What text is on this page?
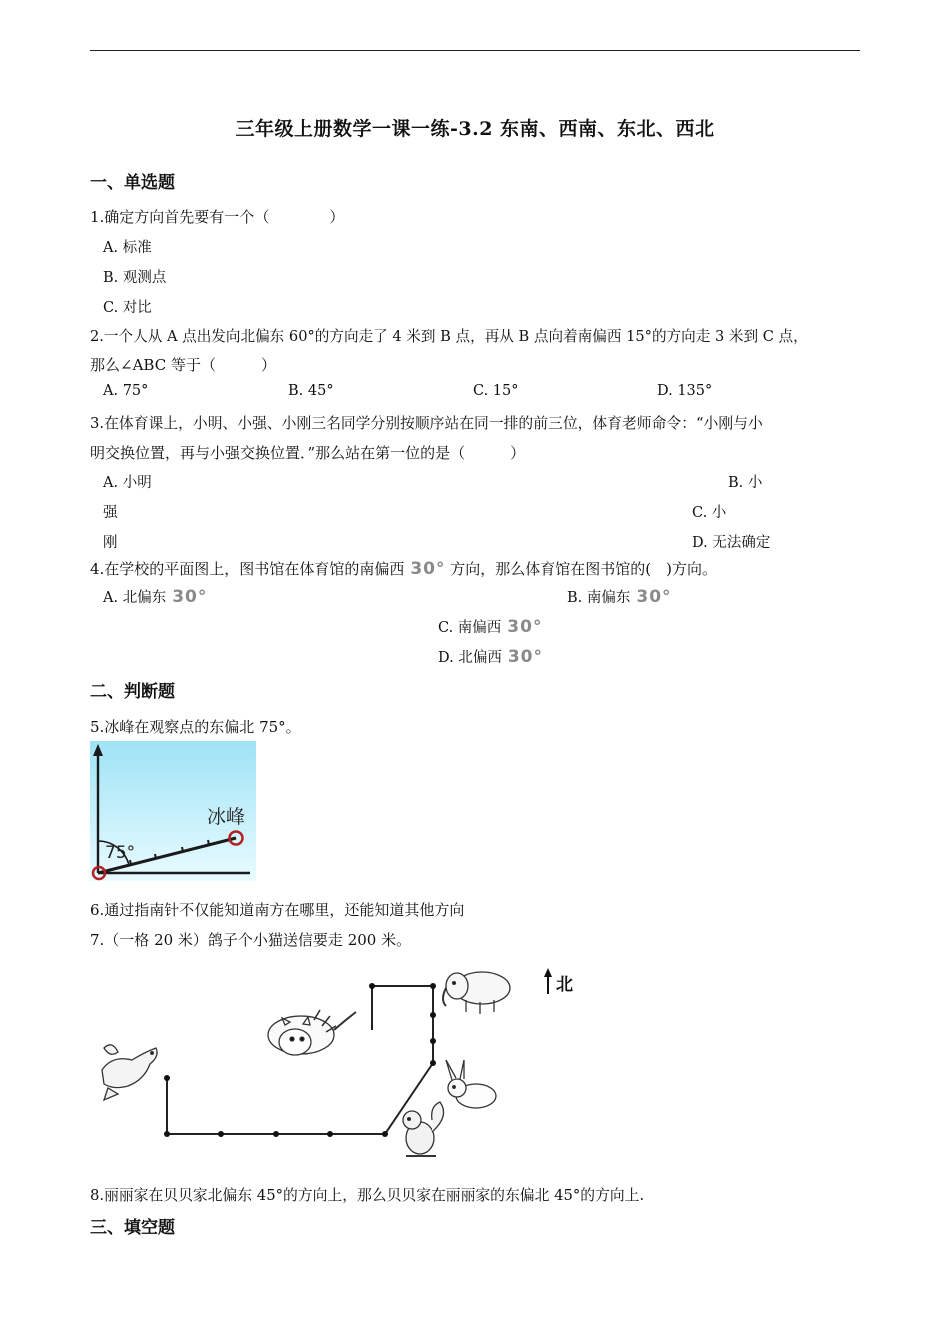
三年级上册数学一课一练-3.2 东南、西南、东北、西北
一、单选题
1.确定方向首先要有一个（　　　　）
A. 标准
B. 观测点
C. 对比
2.一个人从 A 点出发向北偏东 60°的方向走了 4 米到 B 点，再从 B 点向着南偏西 15°的方向走 3 米到 C 点，
那么∠ABC 等于（　　　）
A. 75°	B. 45°	C. 15°	D. 135°
3.在体育课上，小明、小强、小刚三名同学分别按顺序站在同一排的前三位，体育老师命令：“小刚与小
明交换位置，再与小强交换位置．”那么站在第一位的是（　　　）
A. 小明	B. 小
强	C. 小
刚	D. 无法确定
4.在学校的平面图上，图书馆在体育馆的南偏西 30° 方向，那么体育馆在图书馆的(　)方向。
A. 北偏东 30°	B. 南偏东 30°
C. 南偏西 30°
D. 北偏西 30°
二、判断题
5.冰峰在观察点的东偏北 75°。
冰峰
75°
6.通过指南针不仅能知道南方在哪里，还能知道其他方向
7.（一格 20 米）鸽子个小猫送信要走 200 米。
北
8.丽丽家在贝贝家北偏东 45°的方向上，那么贝贝家在丽丽家的东偏北 45°的方向上.
三、填空题
